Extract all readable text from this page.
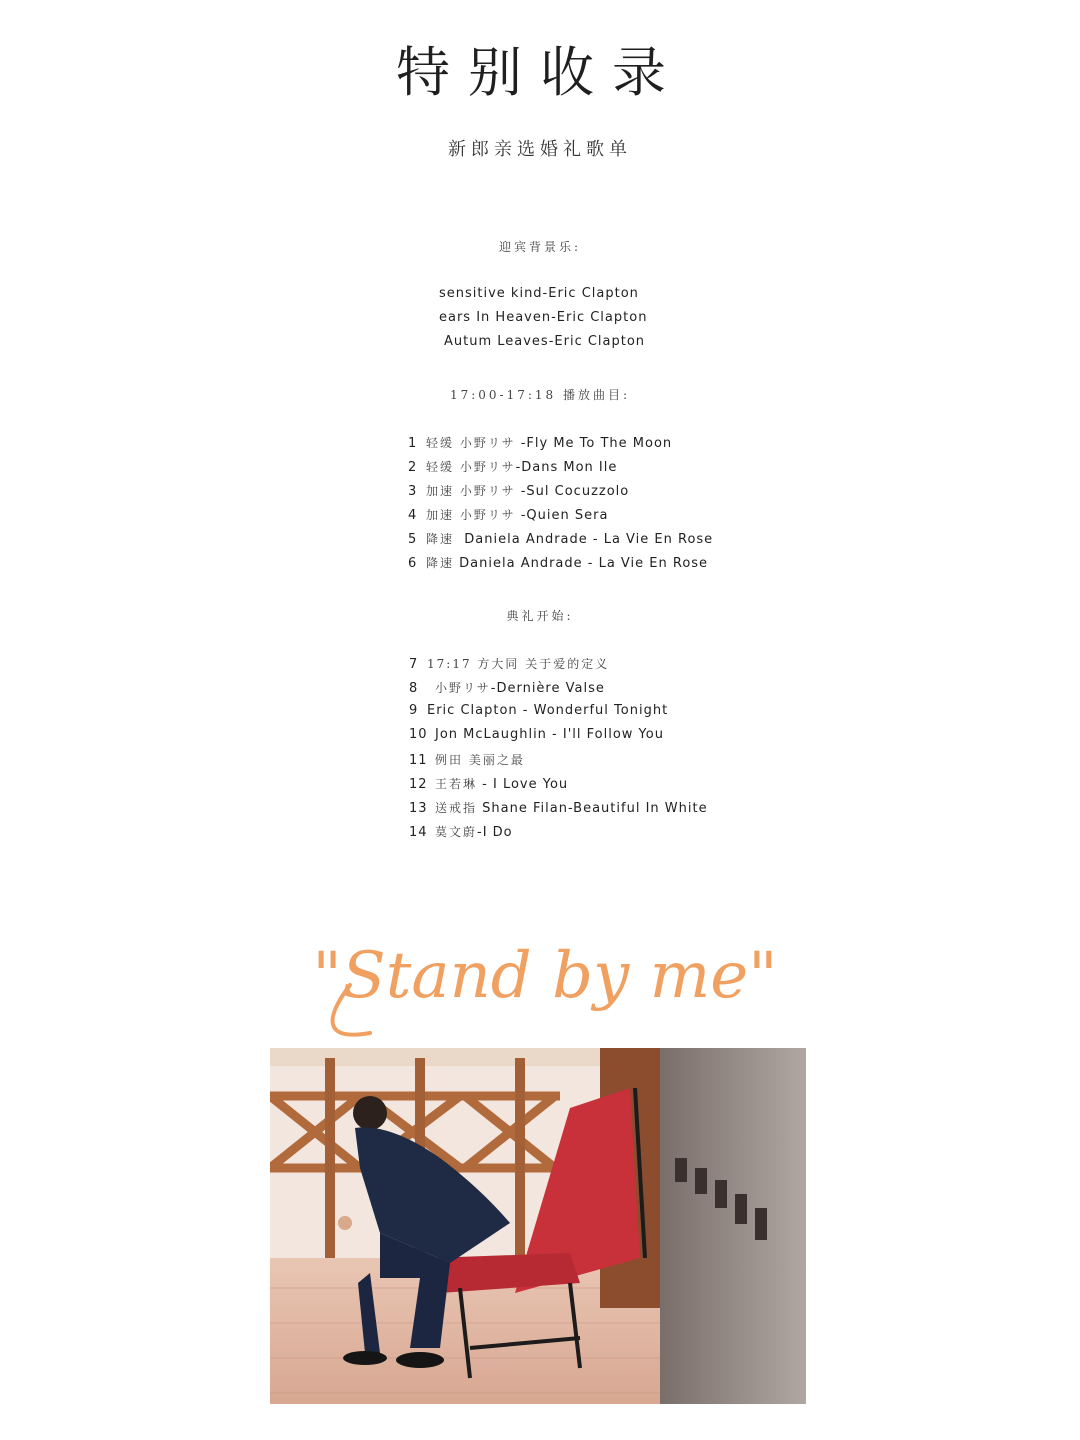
特别收录
新郎亲选婚礼歌单
迎宾背景乐:
sensitive kind-Eric Clapton
ears In Heaven-Eric Clapton
Autum Leaves-Eric Clapton
17:00-17:18 播放曲目:
1 轻缓 小野リサ -Fly Me To The Moon
2 轻缓 小野リサ-Dans Mon Ile
3 加速 小野リサ -Sul Cocuzzolo
4 加速 小野リサ -Quien Sera
5 降速 Daniela Andrade - La Vie En Rose
6 降速 Daniela Andrade - La Vie En Rose
典礼开始:
7 17:17 方大同 关于爱的定义
8 小野リサ-Dernière Valse
9 Eric Clapton - Wonderful Tonight
10 Jon McLaughlin - I'll Follow You
11 例田 美丽之最
12 王若琳 - I Love You
13 送戒指 Shane Filan-Beautiful In White
14 莫文蔚-I Do
"Stand by me"
